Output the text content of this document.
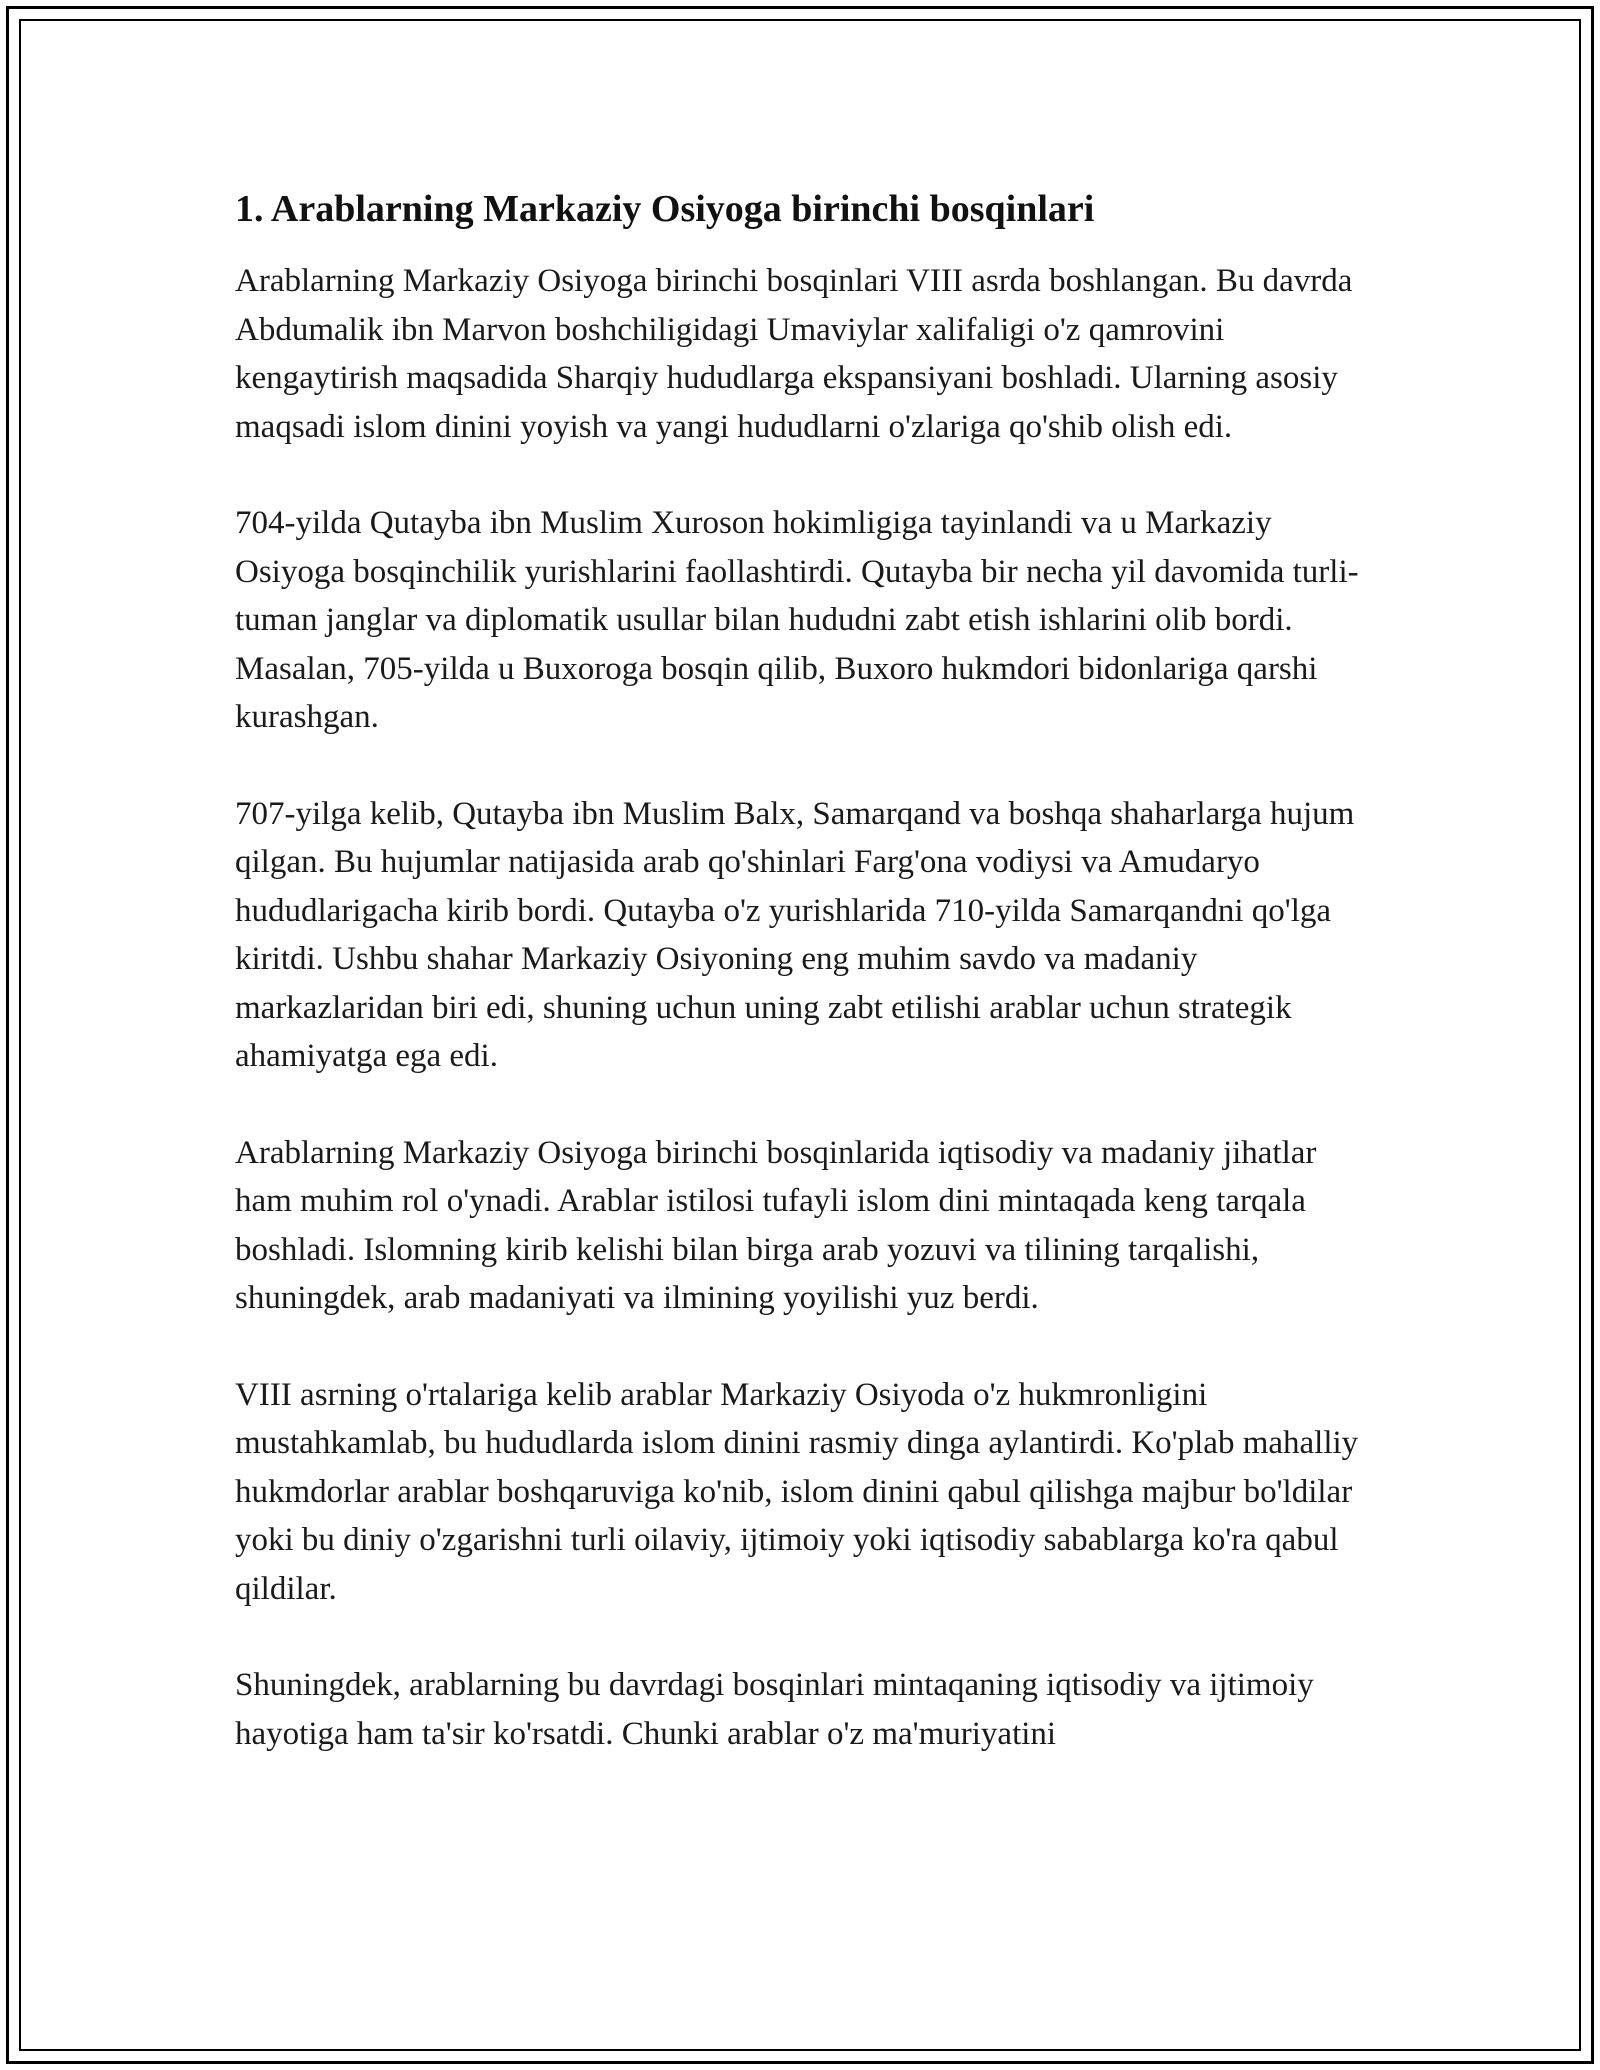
1. Arablarning Markaziy Osiyoga birinchi bosqinlari

Arablarning Markaziy Osiyoga birinchi bosqinlari VIII asrda boshlangan. Bu davrda Abdumalik ibn Marvon boshchiligidagi Umaviylar xalifaligi o'z qamrovini kengaytirish maqsadida Sharqiy hududlarga ekspansiyani boshladi. Ularning asosiy maqsadi islom dinini yoyish va yangi hududlarni o'zlariga qo'shib olish edi.

704-yilda Qutayba ibn Muslim Xuroson hokimligiga tayinlandi va u Markaziy Osiyoga bosqinchilik yurishlarini faollashtirdi. Qutayba bir necha yil davomida turli-tuman janglar va diplomatik usullar bilan hududni zabt etish ishlarini olib bordi. Masalan, 705-yilda u Buxoroga bosqin qilib, Buxoro hukmdori bidonlariga qarshi kurashgan.

707-yilga kelib, Qutayba ibn Muslim Balx, Samarqand va boshqa shaharlarga hujum qilgan. Bu hujumlar natijasida arab qo'shinlari Farg'ona vodiysi va Amudaryo hududlarigacha kirib bordi. Qutayba o'z yurishlarida 710-yilda Samarqandni qo'lga kiritdi. Ushbu shahar Markaziy Osiyoning eng muhim savdo va madaniy markazlaridan biri edi, shuning uchun uning zabt etilishi arablar uchun strategik ahamiyatga ega edi.

Arablarning Markaziy Osiyoga birinchi bosqinlarida iqtisodiy va madaniy jihatlar ham muhim rol o'ynadi. Arablar istilosi tufayli islom dini mintaqada keng tarqala boshladi. Islomning kirib kelishi bilan birga arab yozuvi va tilining tarqalishi, shuningdek, arab madaniyati va ilmining yoyilishi yuz berdi.

VIII asrning o'rtalariga kelib arablar Markaziy Osiyoda o'z hukmronligini mustahkamlab, bu hududlarda islom dinini rasmiy dinga aylantirdi. Ko'plab mahalliy hukmdorlar arablar boshqaruviga ko'nib, islom dinini qabul qilishga majbur bo'ldilar yoki bu diniy o'zgarishni turli oilaviy, ijtimoiy yoki iqtisodiy sabablarga ko'ra qabul qildilar.

Shuningdek, arablarning bu davrdagi bosqinlari mintaqaning iqtisodiy va ijtimoiy hayotiga ham ta'sir ko'rsatdi. Chunki arablar o'z ma'muriyatini
